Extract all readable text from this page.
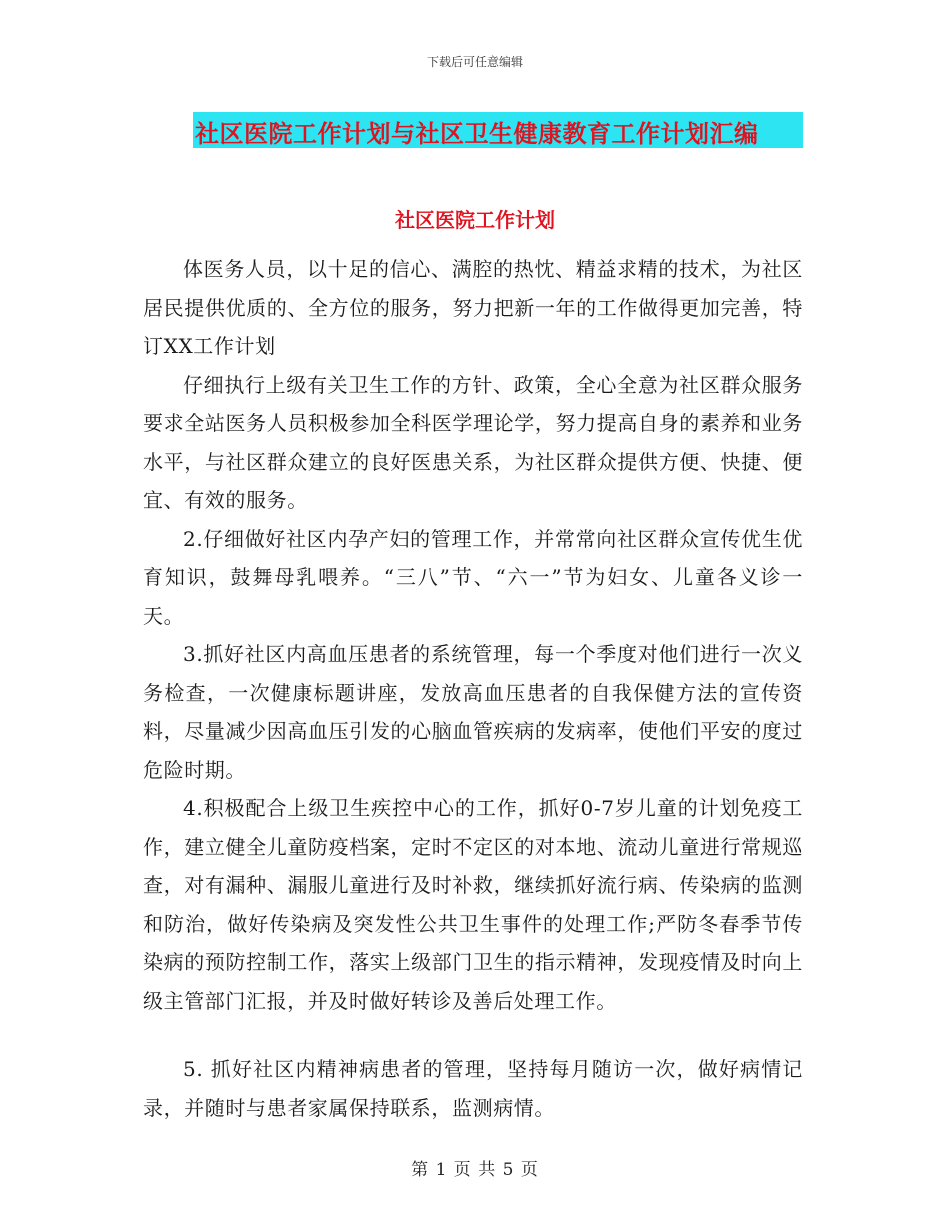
下载后可任意编辑
社区医院工作计划与社区卫生健康教育工作计划汇编
社区医院工作计划

体医务人员，以十足的信心、满腔的热忱、精益求精的技术，为社区居民提供优质的、全方位的服务，努力把新一年的工作做得更加完善，特订XX工作计划

仔细执行上级有关卫生工作的方针、政策，全心全意为社区群众服务要求全站医务人员积极参加全科医学理论学，努力提高自身的素养和业务水平，与社区群众建立的良好医患关系，为社区群众提供方便、快捷、便宜、有效的服务。

2.仔细做好社区内孕产妇的管理工作，并常常向社区群众宣传优生优育知识，鼓舞母乳喂养。“三八”节、“六一”节为妇女、儿童各义诊一天。

3.抓好社区内高血压患者的系统管理，每一个季度对他们进行一次义务检查，一次健康标题讲座，发放高血压患者的自我保健方法的宣传资料，尽量减少因高血压引发的心脑血管疾病的发病率，使他们平安的度过危险时期。

4.积极配合上级卫生疾控中心的工作，抓好0-7岁儿童的计划免疫工作，建立健全儿童防疫档案，定时不定区的对本地、流动儿童进行常规巡查，对有漏种、漏服儿童进行及时补救，继续抓好流行病、传染病的监测和防治，做好传染病及突发性公共卫生事件的处理工作;严防冬春季节传染病的预防控制工作，落实上级部门卫生的指示精神，发现疫情及时向上级主管部门汇报，并及时做好转诊及善后处理工作。

5. 抓好社区内精神病患者的管理，坚持每月随访一次，做好病情记录，并随时与患者家属保持联系，监测病情。

第 1 页 共 5 页
